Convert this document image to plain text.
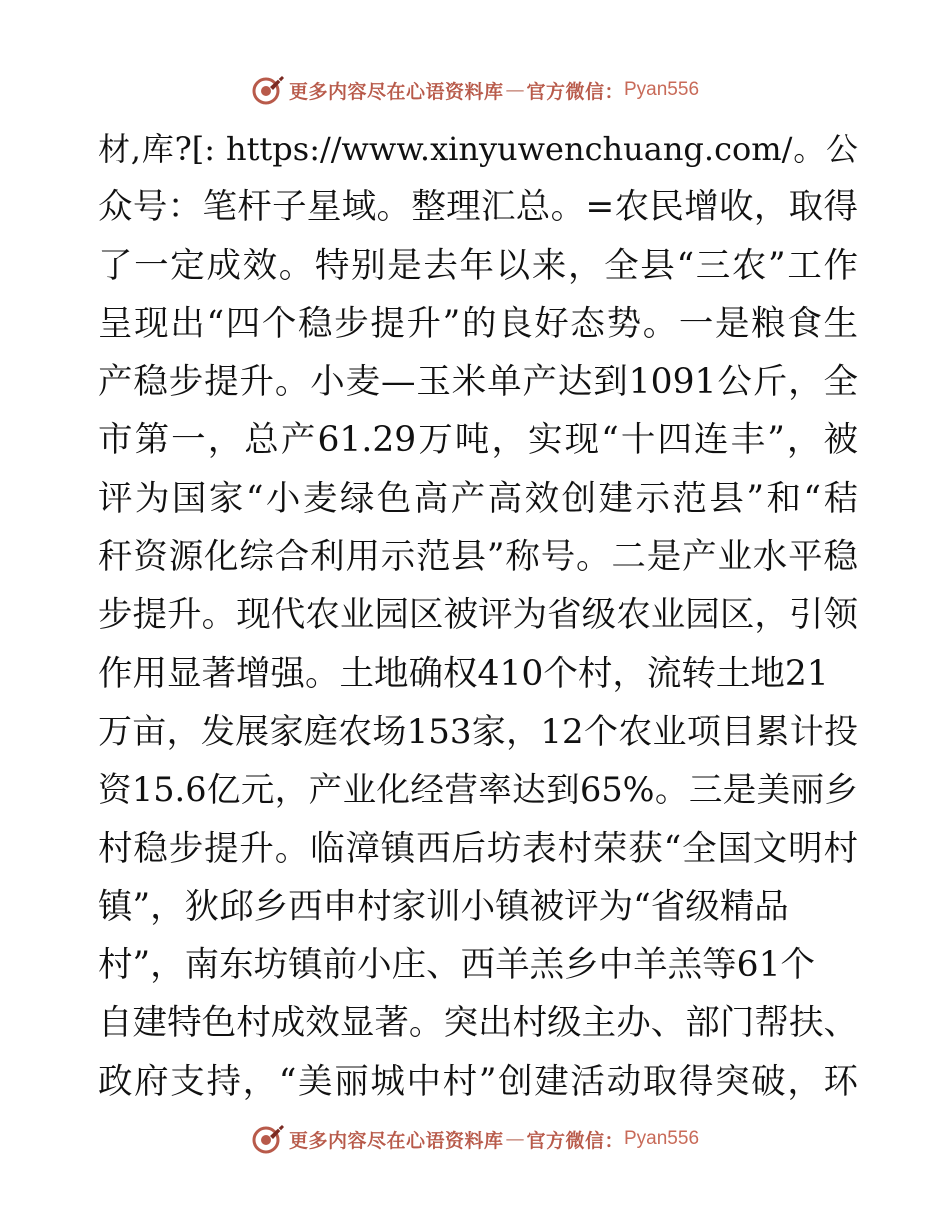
更多内容尽在心语资料库 — 官方微信： Pyan556
材,库?[: https://www.xinyuwenchuang.com/。公
众号：笔杆子星域。整理汇总。=农民增收，取得
了一定成效。特别是去年以来，全县“三农”工作
呈现出“四个稳步提升”的良好态势。一是粮食生
产稳步提升。小麦—玉米单产达到1091公斤，全
市第一，总产61.29万吨，实现“十四连丰”，被
评为国家“小麦绿色高产高效创建示范县”和“秸
秆资源化综合利用示范县”称号。二是产业水平稳
步提升。现代农业园区被评为省级农业园区，引领
作用显著增强。土地确权410个村，流转土地21
万亩，发展家庭农场153家，12个农业项目累计投
资15.6亿元，产业化经营率达到65%。三是美丽乡
村稳步提升。临漳镇西后坊表村荣获“全国文明村
镇”，狄邱乡西申村家训小镇被评为“省级精品
村”，南东坊镇前小庄、西羊羔乡中羊羔等61个
自建特色村成效显著。突出村级主办、部门帮扶、
政府支持，“美丽城中村”创建活动取得突破，环
更多内容尽在心语资料库 — 官方微信： Pyan556
